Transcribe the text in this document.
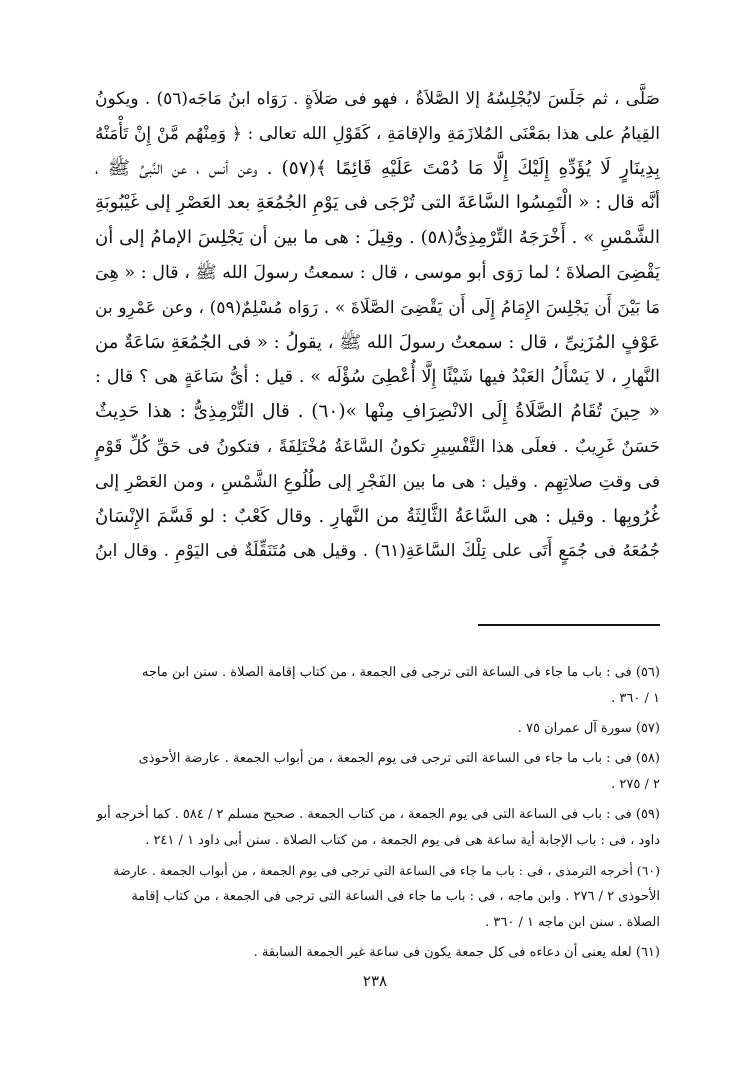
صَلَّى ، ثم جَلَسَ لايُجْلِسُهُ إلا الصَّلاَةُ ، فهو فى صَلاَةٍ . رَوَاه ابنُ مَاجَه(٥٦) . ويكونُ
القِيامُ على هذا بمَعْنَى المُلازَمَةِ والإقامَةِ ، كَقَوْلِ الله تعالى : ﴿ وَمِنْهُم مَّنْ إِنْ تَأْمَنْهُ
بِدِينَارٍ لَا يُؤَدِّهِ إِلَيْكَ إِلَّا مَا دُمْتَ عَلَيْهِ قَائِمًا ﴾(٥٧) . وعن أنس ، عن النَّبىِّ ﷺ ،
أنَّه قال : « الْتَمِسُوا السَّاعَةَ التى تُرْجَى فى يَوْمِ الجُمُعَةِ بعد العَصْرِ إلى غَيْبُوبَةِ
الشَّمْسِ » . أَخْرَجَهُ التِّرْمِذِىُّ(٥٨) . وقِيلَ : هى ما بين أن يَجْلِسَ الإمامُ إلى أن
يَقْضِىَ الصلاةَ ؛ لما رَوَى أبو موسى ، قال : سمعتُ رسولَ الله ﷺ ، قال : « هِىَ
مَا بَيْنَ أَن يَجْلِسَ الإِمَامُ إِلَى أَن يَقْضِىَ الصَّلَاةَ » . رَوَاه مُسْلِمٌ(٥٩) ، وعن عَمْرِو بن
عَوْفٍ المُزَنِىِّ ، قال : سمعتُ رسولَ الله ﷺ ، يقولُ : « فى الجُمُعَةِ سَاعَةٌ من
النَّهارِ ، لا يَسْأَلُ العَبْدُ فيها شَيْئًا إِلَّا أُعْطِىَ سُؤْلَه » . قيل : أىُّ سَاعَةٍ هى ؟ قال :
« حِينَ تُقَامُ الصَّلَاةُ إِلَى الانْصِرَافِ مِنْها »(٦٠) . قال التِّرْمِذِىُّ : هذا حَدِيثٌ
حَسَنٌ غَرِيبٌ . فعلَى هذا التَّفْسِيرِ تكونُ السَّاعَةُ مُخْتَلِفَةً ، فتكونُ فى حَقِّ كُلِّ قَوْمٍ
فى وقتِ صلاتِهِم . وقيل : هى ما بين الفَجْرِ إلى طُلُوعِ الشَّمْسِ ، ومن العَصْرِ إلى
غُرُوبِها . وقيل : هى السَّاعَةُ الثَّالِثَةُ من النَّهارِ . وقال كَعْبٌ : لو قَسَّمَ الإِنْسَانُ
جُمُعَهُ فى جُمَعٍ أَتَى على تِلْكَ السَّاعَةِ(٦١) . وقيل هى مُتَنَقِّلَةٌ فى اليَوْمِ . وقال ابنُ
(٥٦) فى : باب ما جاء فى الساعة التى ترجى فى الجمعة ، من كتاب إقامة الصلاة . سنن ابن ماجه
١ / ٣٦٠ .
(٥٧) سورة آل عمران ٧٥ .
(٥٨) فى : باب ما جاء فى الساعة التى ترجى فى يوم الجمعة ، من أبواب الجمعة . عارضة الأحوذى
٢ / ٢٧٥ .
(٥٩) فى : باب فى الساعة التى فى يوم الجمعة ، من كتاب الجمعة . صحيح مسلم ٢ / ٥٨٤ . كما أخرجه أبو
داود ، فى : باب الإجابة أية ساعة هى فى يوم الجمعة ، من كتاب الصلاة . سنن أبى داود ١ / ٢٤١ .
(٦٠) أخرجه الترمذى ، فى : باب ما جاء فى الساعة التى ترجى فى يوم الجمعة ، من أبواب الجمعة . عارضة
الأحوذى ٢ / ٢٧٦ . وابن ماجه ، فى : باب ما جاء فى الساعة التى ترجى فى الجمعة ، من كتاب إقامة
الصلاة . سنن ابن ماجه ١ / ٣٦٠ .
(٦١) لعله يعنى أن دعاءه فى كل جمعة يكون فى ساعة غير الجمعة السابقة .
٢٣٨
